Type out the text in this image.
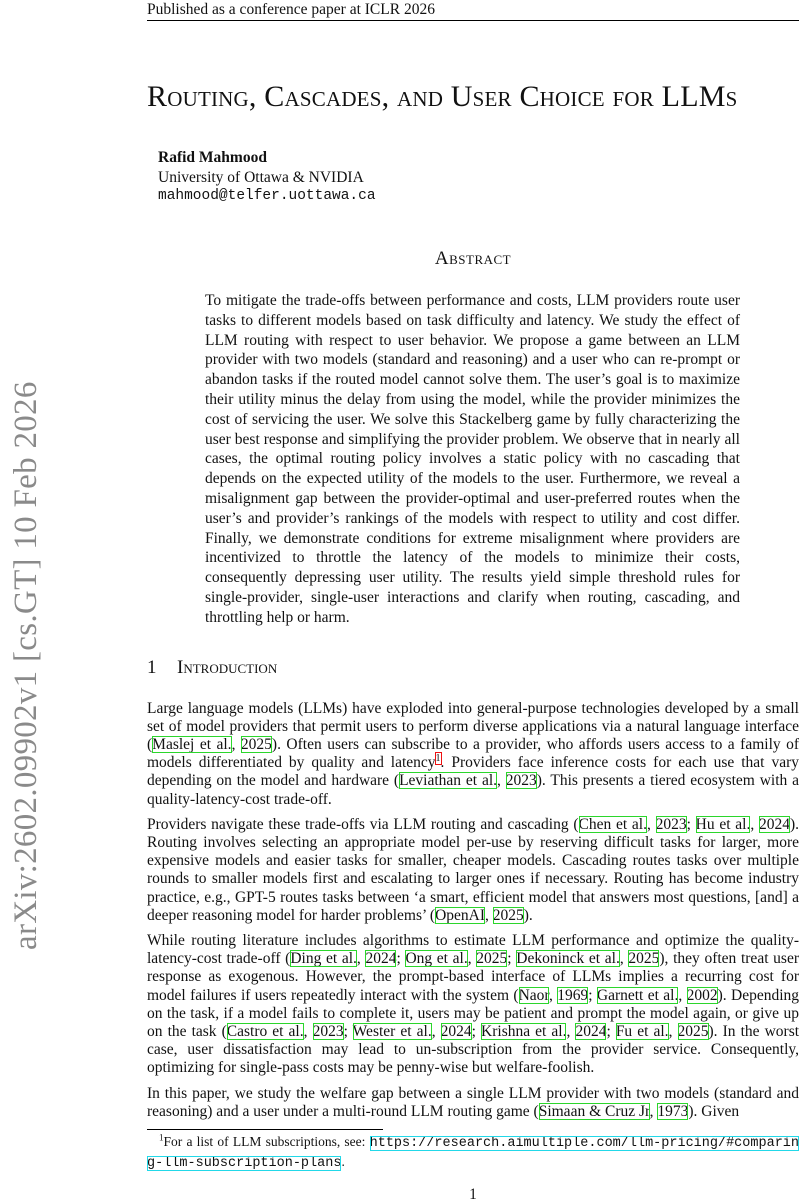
Published as a conference paper at ICLR 2026
arXiv:2602.09902v1 [cs.GT] 10 Feb 2026
Routing, Cascades, and User Choice for LLMs
Rafid Mahmood
University of Ottawa & NVIDIA
mahmood@telfer.uottawa.ca
Abstract
To mitigate the trade-offs between performance and costs, LLM providers route user tasks to different models based on task difficulty and latency. We study the effect of LLM routing with respect to user behavior. We propose a game between an LLM provider with two models (standard and reasoning) and a user who can re-prompt or abandon tasks if the routed model cannot solve them. The user’s goal is to maximize their utility minus the delay from using the model, while the provider minimizes the cost of servicing the user. We solve this Stackelberg game by fully characterizing the user best response and simplifying the provider problem. We observe that in nearly all cases, the optimal routing policy involves a static policy with no cascading that depends on the expected utility of the models to the user. Furthermore, we reveal a misalignment gap between the provider-optimal and user-preferred routes when the user’s and provider’s rankings of the models with respect to utility and cost differ. Finally, we demonstrate conditions for extreme misalignment where providers are incentivized to throttle the latency of the models to minimize their costs, consequently depressing user utility. The results yield simple threshold rules for single-provider, single-user interactions and clarify when routing, cascading, and throttling help or harm.
1 Introduction

Large language models (LLMs) have exploded into general-purpose technologies developed by a small set of model providers that permit users to perform diverse applications via a natural language interface (Maslej et al., 2025). Often users can subscribe to a provider, who affords users access to a family of models differentiated by quality and latency$^1$. Providers face inference costs for each use that vary depending on the model and hardware (Leviathan et al., 2023). This presents a tiered ecosystem with a quality-latency-cost trade-off.

Providers navigate these trade-offs via LLM routing and cascading (Chen et al., 2023; Hu et al., 2024). Routing involves selecting an appropriate model per-use by reserving difficult tasks for larger, more expensive models and easier tasks for smaller, cheaper models. Cascading routes tasks over multiple rounds to smaller models first and escalating to larger ones if necessary. Routing has become industry practice, e.g., GPT-5 routes tasks between ‘a smart, efficient model that answers most questions, [and] a deeper reasoning model for harder problems’ (OpenAI, 2025).

While routing literature includes algorithms to estimate LLM performance and optimize the quality-latency-cost trade-off (Ding et al., 2024; Ong et al., 2025; Dekoninck et al., 2025), they often treat user response as exogenous. However, the prompt-based interface of LLMs implies a recurring cost for model failures if users repeatedly interact with the system (Naor, 1969; Garnett et al., 2002). Depending on the task, if a model fails to complete it, users may be patient and prompt the model again, or give up on the task (Castro et al., 2023; Wester et al., 2024; Krishna et al., 2024; Fu et al., 2025). In the worst case, user dissatisfaction may lead to un-subscription from the provider service. Consequently, optimizing for single-pass costs may be penny-wise but welfare-foolish.

In this paper, we study the welfare gap between a single LLM provider with two models (standard and reasoning) and a user under a multi-round LLM routing game (Simaan & Cruz Jr, 1973). Given

$^1$For a list of LLM subscriptions, see: https://research.aimultiple.com/llm-pricing/#comparing-llm-subscription-plans.
1
